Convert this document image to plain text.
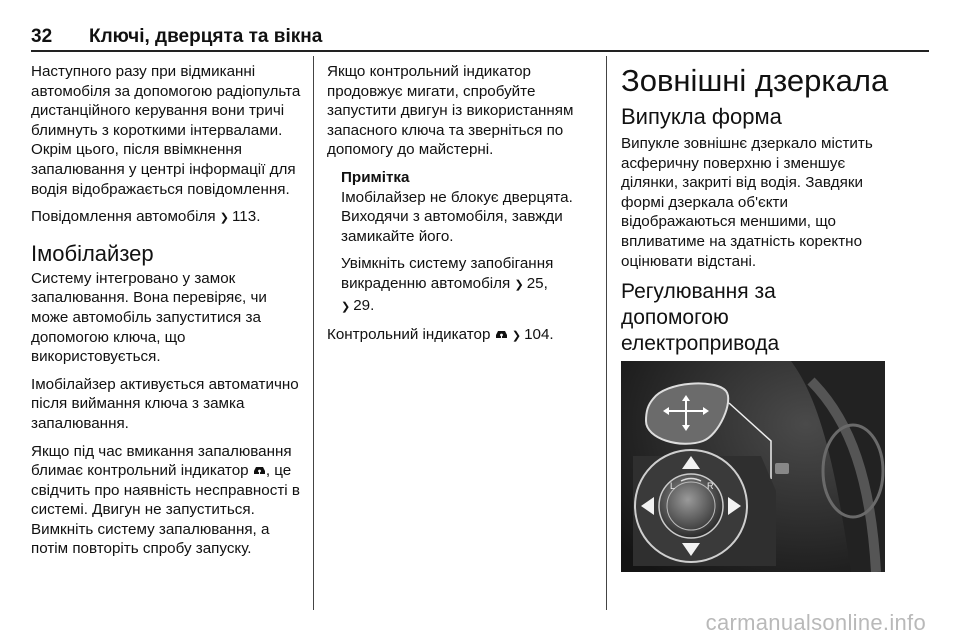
32 Ключі, дверцята та вікна

Наступного разу при відмиканні автомобіля за допомогою радіопульта дистанційного керування вони тричі блимнуть з короткими інтервалами. Окрім цього, після ввімкнення запалювання у центрі інформації для водія відображається повідомлення.

Повідомлення автомобіля ❯ 113.

Імобілайзер

Систему інтегровано у замок запалювання. Вона перевіряє, чи може автомобіль запуститися за допомогою ключа, що використовується.

Імобілайзер активується автоматично після виймання ключа з замка запалювання.

Якщо під час вмикання запалювання блимає контрольний індикатор , це свідчить про наявність несправності в системі. Двигун не запуститься. Вимкніть систему запалювання, а потім повторіть спробу запуску.

Якщо контрольний індикатор продовжує мигати, спробуйте запустити двигун із використанням запасного ключа та зверніться по допомогу до майстерні.

Примітка

Імобілайзер не блокує дверцята. Виходячи з автомобіля, завжди замикайте його.

Увімкніть систему запобігання викраденню автомобіля ❯ 25,
❯ 29.

Контрольний індикатор  ❯ 104.

Зовнішні дзеркала
Випукла форма

Випукле зовнішнє дзеркало містить асферичну поверхню і зменшує ділянки, закриті від водія. Завдяки формі дзеркала об'єкти відображаються меншими, що впливатиме на здатність коректно оцінювати відстані.

Регулювання за
допомогою
електропривода
L	R
carmanualsonline.info
